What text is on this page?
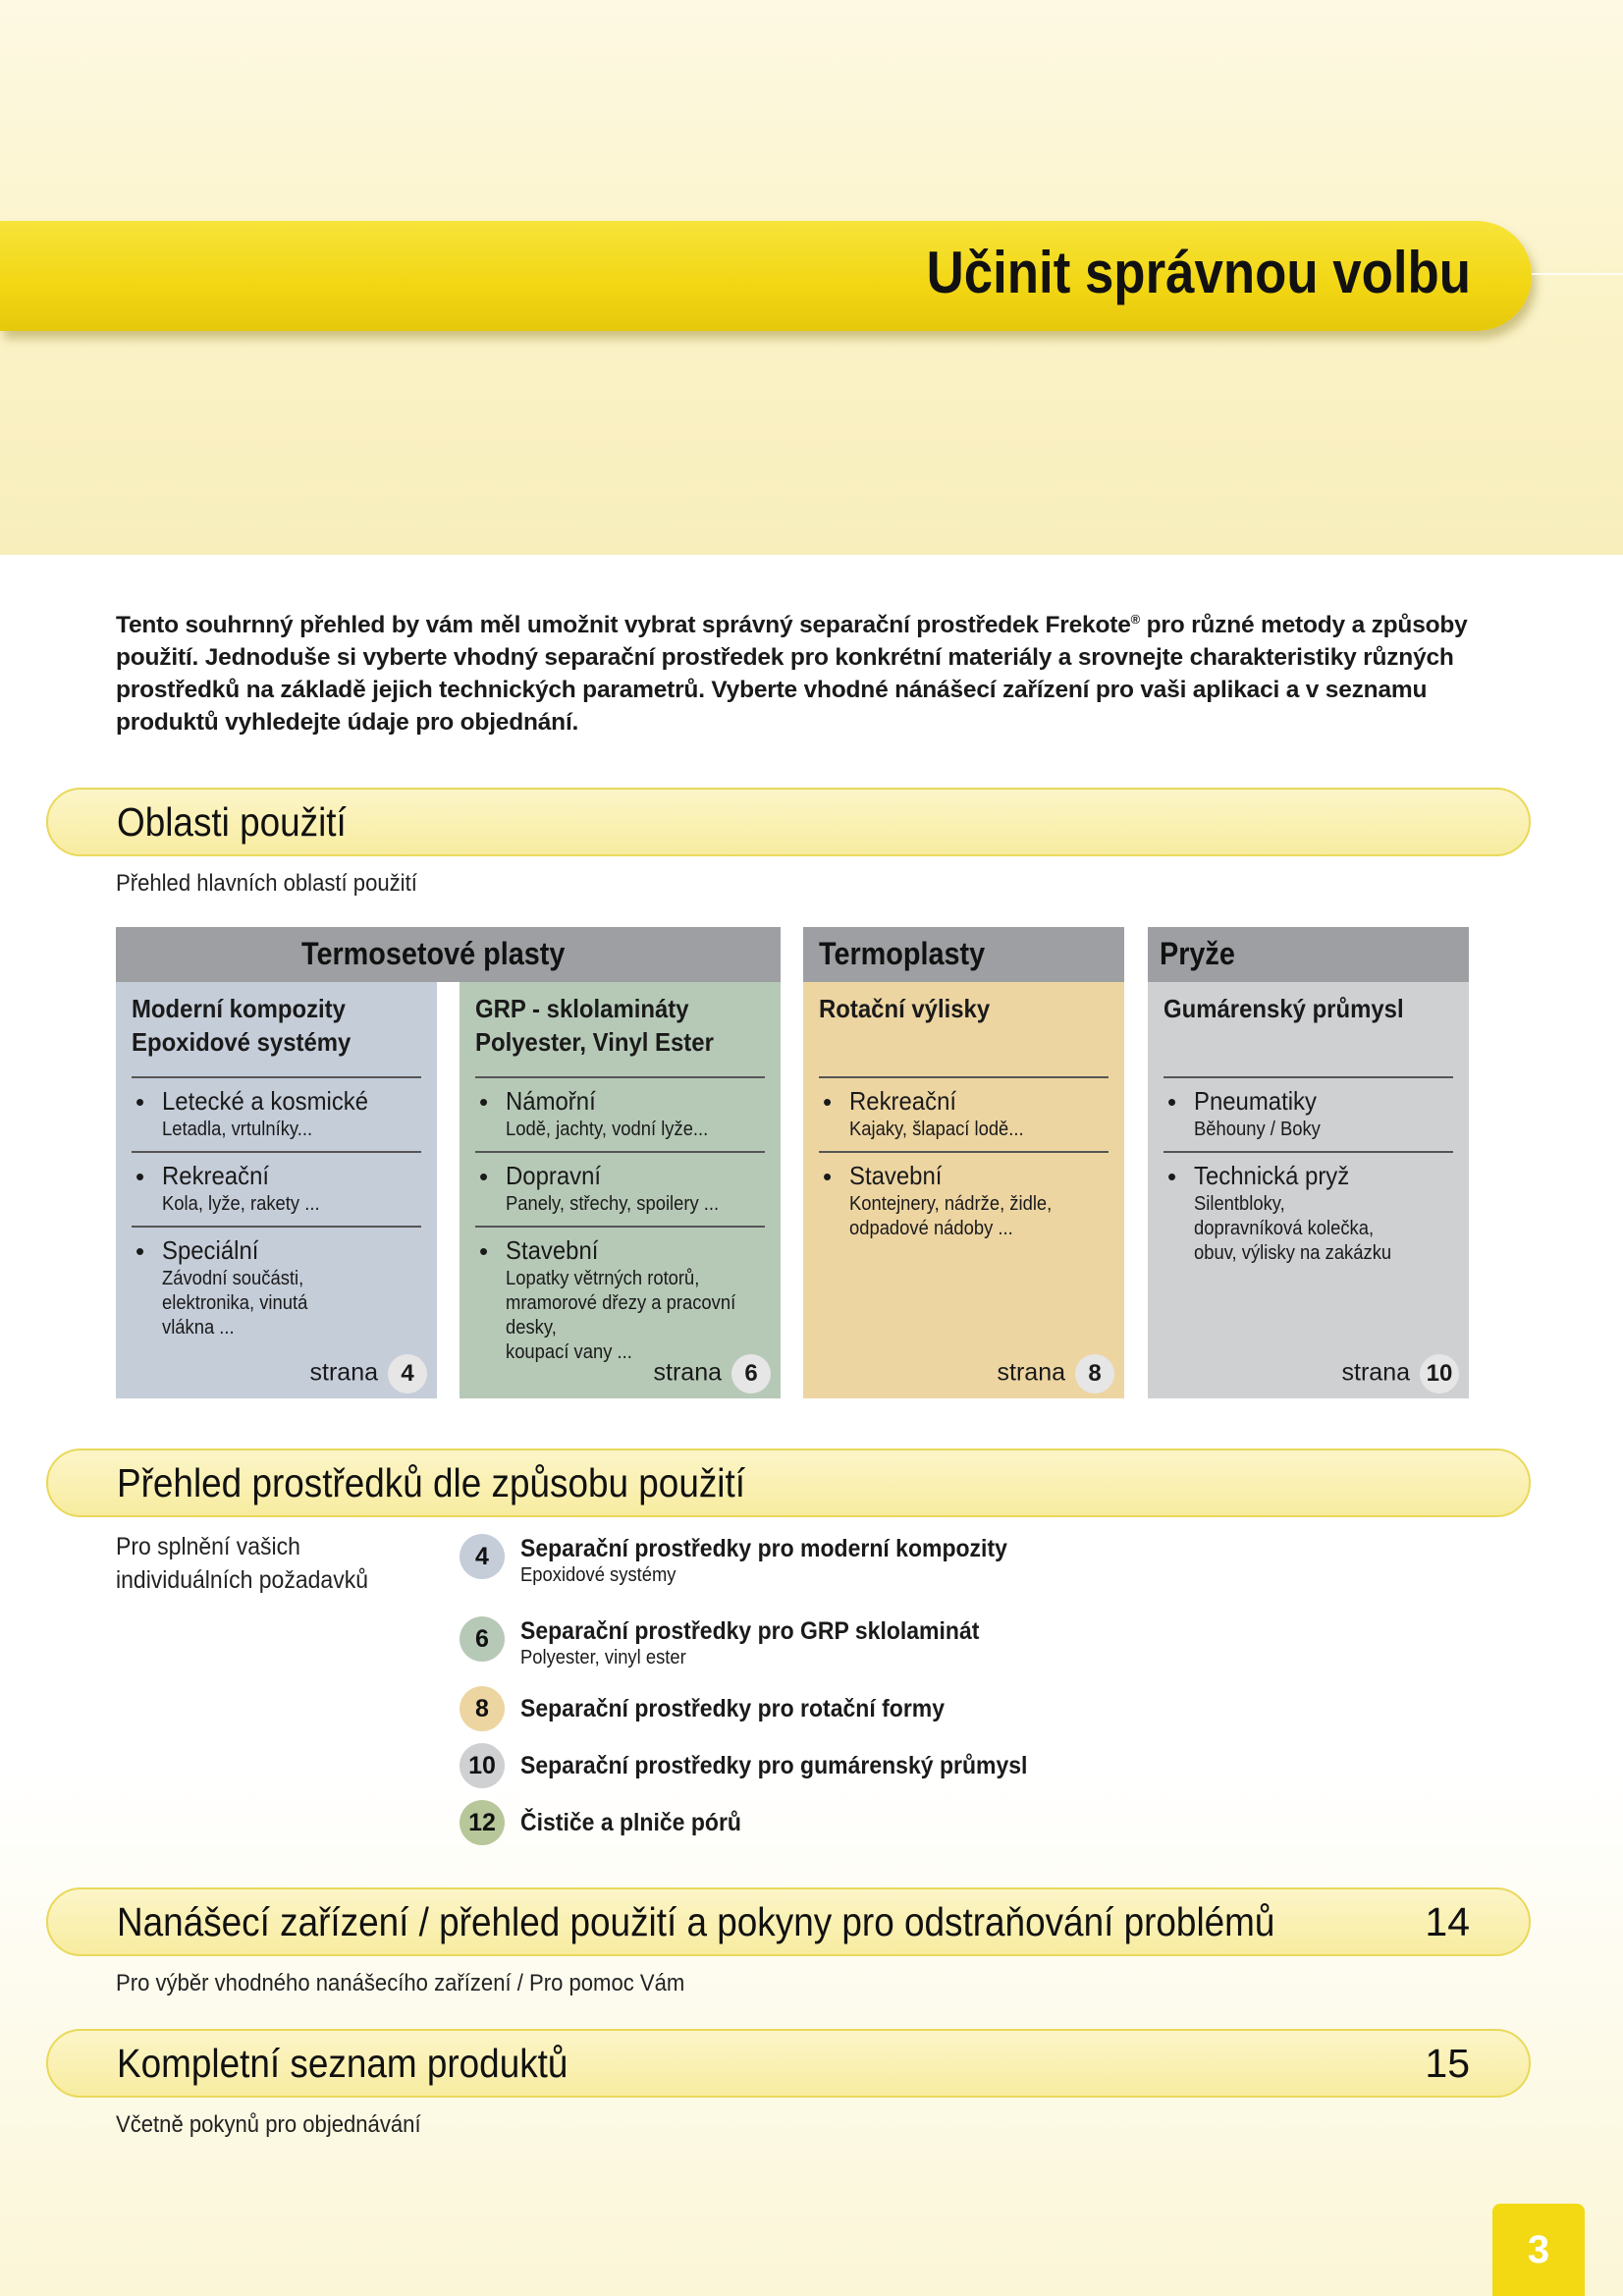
Učinit správnou volbu
Tento souhrnný přehled by vám měl umožnit vybrat správný separační prostředek Frekote® pro různé metody a způsoby použití. Jednoduše si vyberte vhodný separační prostředek pro konkrétní materiály a srovnejte charakteristiky různých prostředků na základě jejich technických parametrů. Vyberte vhodné nánášecí zařízení pro vaši aplikaci a v seznamu produktů vyhledejte údaje pro objednání.
Oblasti použití
Přehled hlavních oblastí použití
Termosetové plasty	Termoplasty	Pryže
Moderní kompozity
Epoxidové systémy
• Letecké a kosmické
Letadla, vrtulníky...
• Rekreační
Kola, lyže, rakety ...
• Speciální
Závodní součásti,
elektronika, vinutá
vlákna ...
strana 4
GRP - sklolamináty
Polyester, Vinyl Ester
• Námořní
Lodě, jachty, vodní lyže...
• Dopravní
Panely, střechy, spoilery ...
• Stavební
Lopatky větrných rotorů,
mramorové dřezy a pracovní
desky,
koupací vany ...
strana 6
Rotační výlisky
• Rekreační
Kajaky, šlapací lodě...
• Stavební
Kontejnery, nádrže, židle,
odpadové nádoby ...
strana 8
Gumárenský průmysl
• Pneumatiky
Běhouny / Boky
• Technická pryž
Silentbloky,
dopravníková kolečka,
obuv, výlisky na zakázku
strana 10
Přehled prostředků dle způsobu použití
Pro splnění vašich
individuálních požadavků
4	Separační prostředky pro moderní kompozity
Epoxidové systémy
6	Separační prostředky pro GRP sklolaminát
Polyester, vinyl ester
8	Separační prostředky pro rotační formy
10	Separační prostředky pro gumárenský průmysl
12	Čističe a plniče pórů
Nanášecí zařízení / přehled použití a pokyny pro odstraňování problémů	14
Pro výběr vhodného nanášecího zařízení / Pro pomoc Vám
Kompletní seznam produktů	15
Včetně pokynů pro objednávání
3
